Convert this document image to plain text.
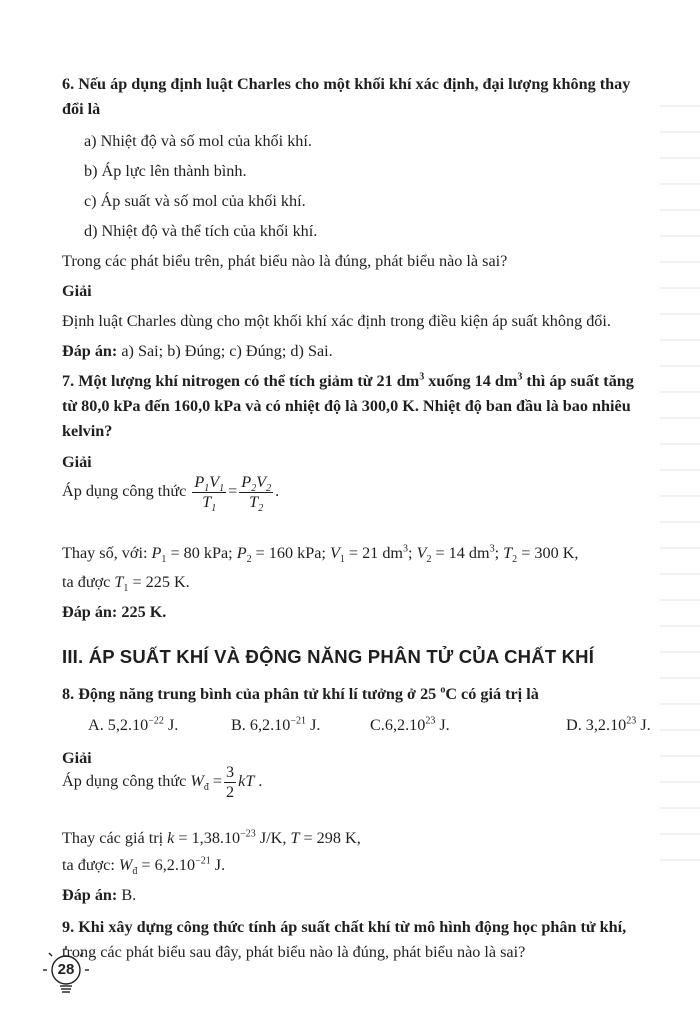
6. Nếu áp dụng định luật Charles cho một khối khí xác định, đại lượng không thay
đổi là
a) Nhiệt độ và số mol của khối khí.
b) Áp lực lên thành bình.
c) Áp suất và số mol của khối khí.
d) Nhiệt độ và thể tích của khối khí.
Trong các phát biểu trên, phát biểu nào là đúng, phát biểu nào là sai?
Giải
Định luật Charles dùng cho một khối khí xác định trong điều kiện áp suất không đổi.
Đáp án: a) Sai; b) Đúng; c) Đúng; d) Sai.
7. Một lượng khí nitrogen có thể tích giảm từ 21 $dm^3$ xuống 14 $dm^3$ thì áp suất tăng
từ 80,0 kPa đến 160,0 kPa và có nhiệt độ là 300,0 K. Nhiệt độ ban đầu là bao nhiêu
kelvin?
Giải
Áp dụng công thức $\frac{P_1V_1}{T_1} = \frac{P_2V_2}{T_2}$ .
Thay số, với: $P_1 = 80$ kPa; $P_2 = 160$ kPa; $V_1 = 21$ $dm^3$; $V_2 = 14$ $dm^3$; $T_2 = 300$ K,
ta được $T_1 = 225$ K.
Đáp án: 225 K.
III. ÁP SUẤT KHÍ VÀ ĐỘNG NĂNG PHÂN TỬ CỦA CHẤT KHÍ
8. Động năng trung bình của phân tử khí lí tưởng ở 25 $^o$C có giá trị là
A. $5,2.10^{-22}$ J.	B. $6,2.10^{-21}$ J.	C.6,2.10$^{23}$ J.	D. 3,2.10$^{23}$ J.
Giải
Áp dụng công thức $W_đ = \frac{3}{2}$ kT .
Thay các giá trị $k = 1,38.10^{-23}$ J/K, T = 298 K,
ta được: $W_đ = 6,2.10^{-21}$ J.
Đáp án: B.
9. Khi xây dựng công thức tính áp suất chất khí từ mô hình động học phân tử khí,
trong các phát biểu sau đây, phát biểu nào là đúng, phát biểu nào là sai?
28
